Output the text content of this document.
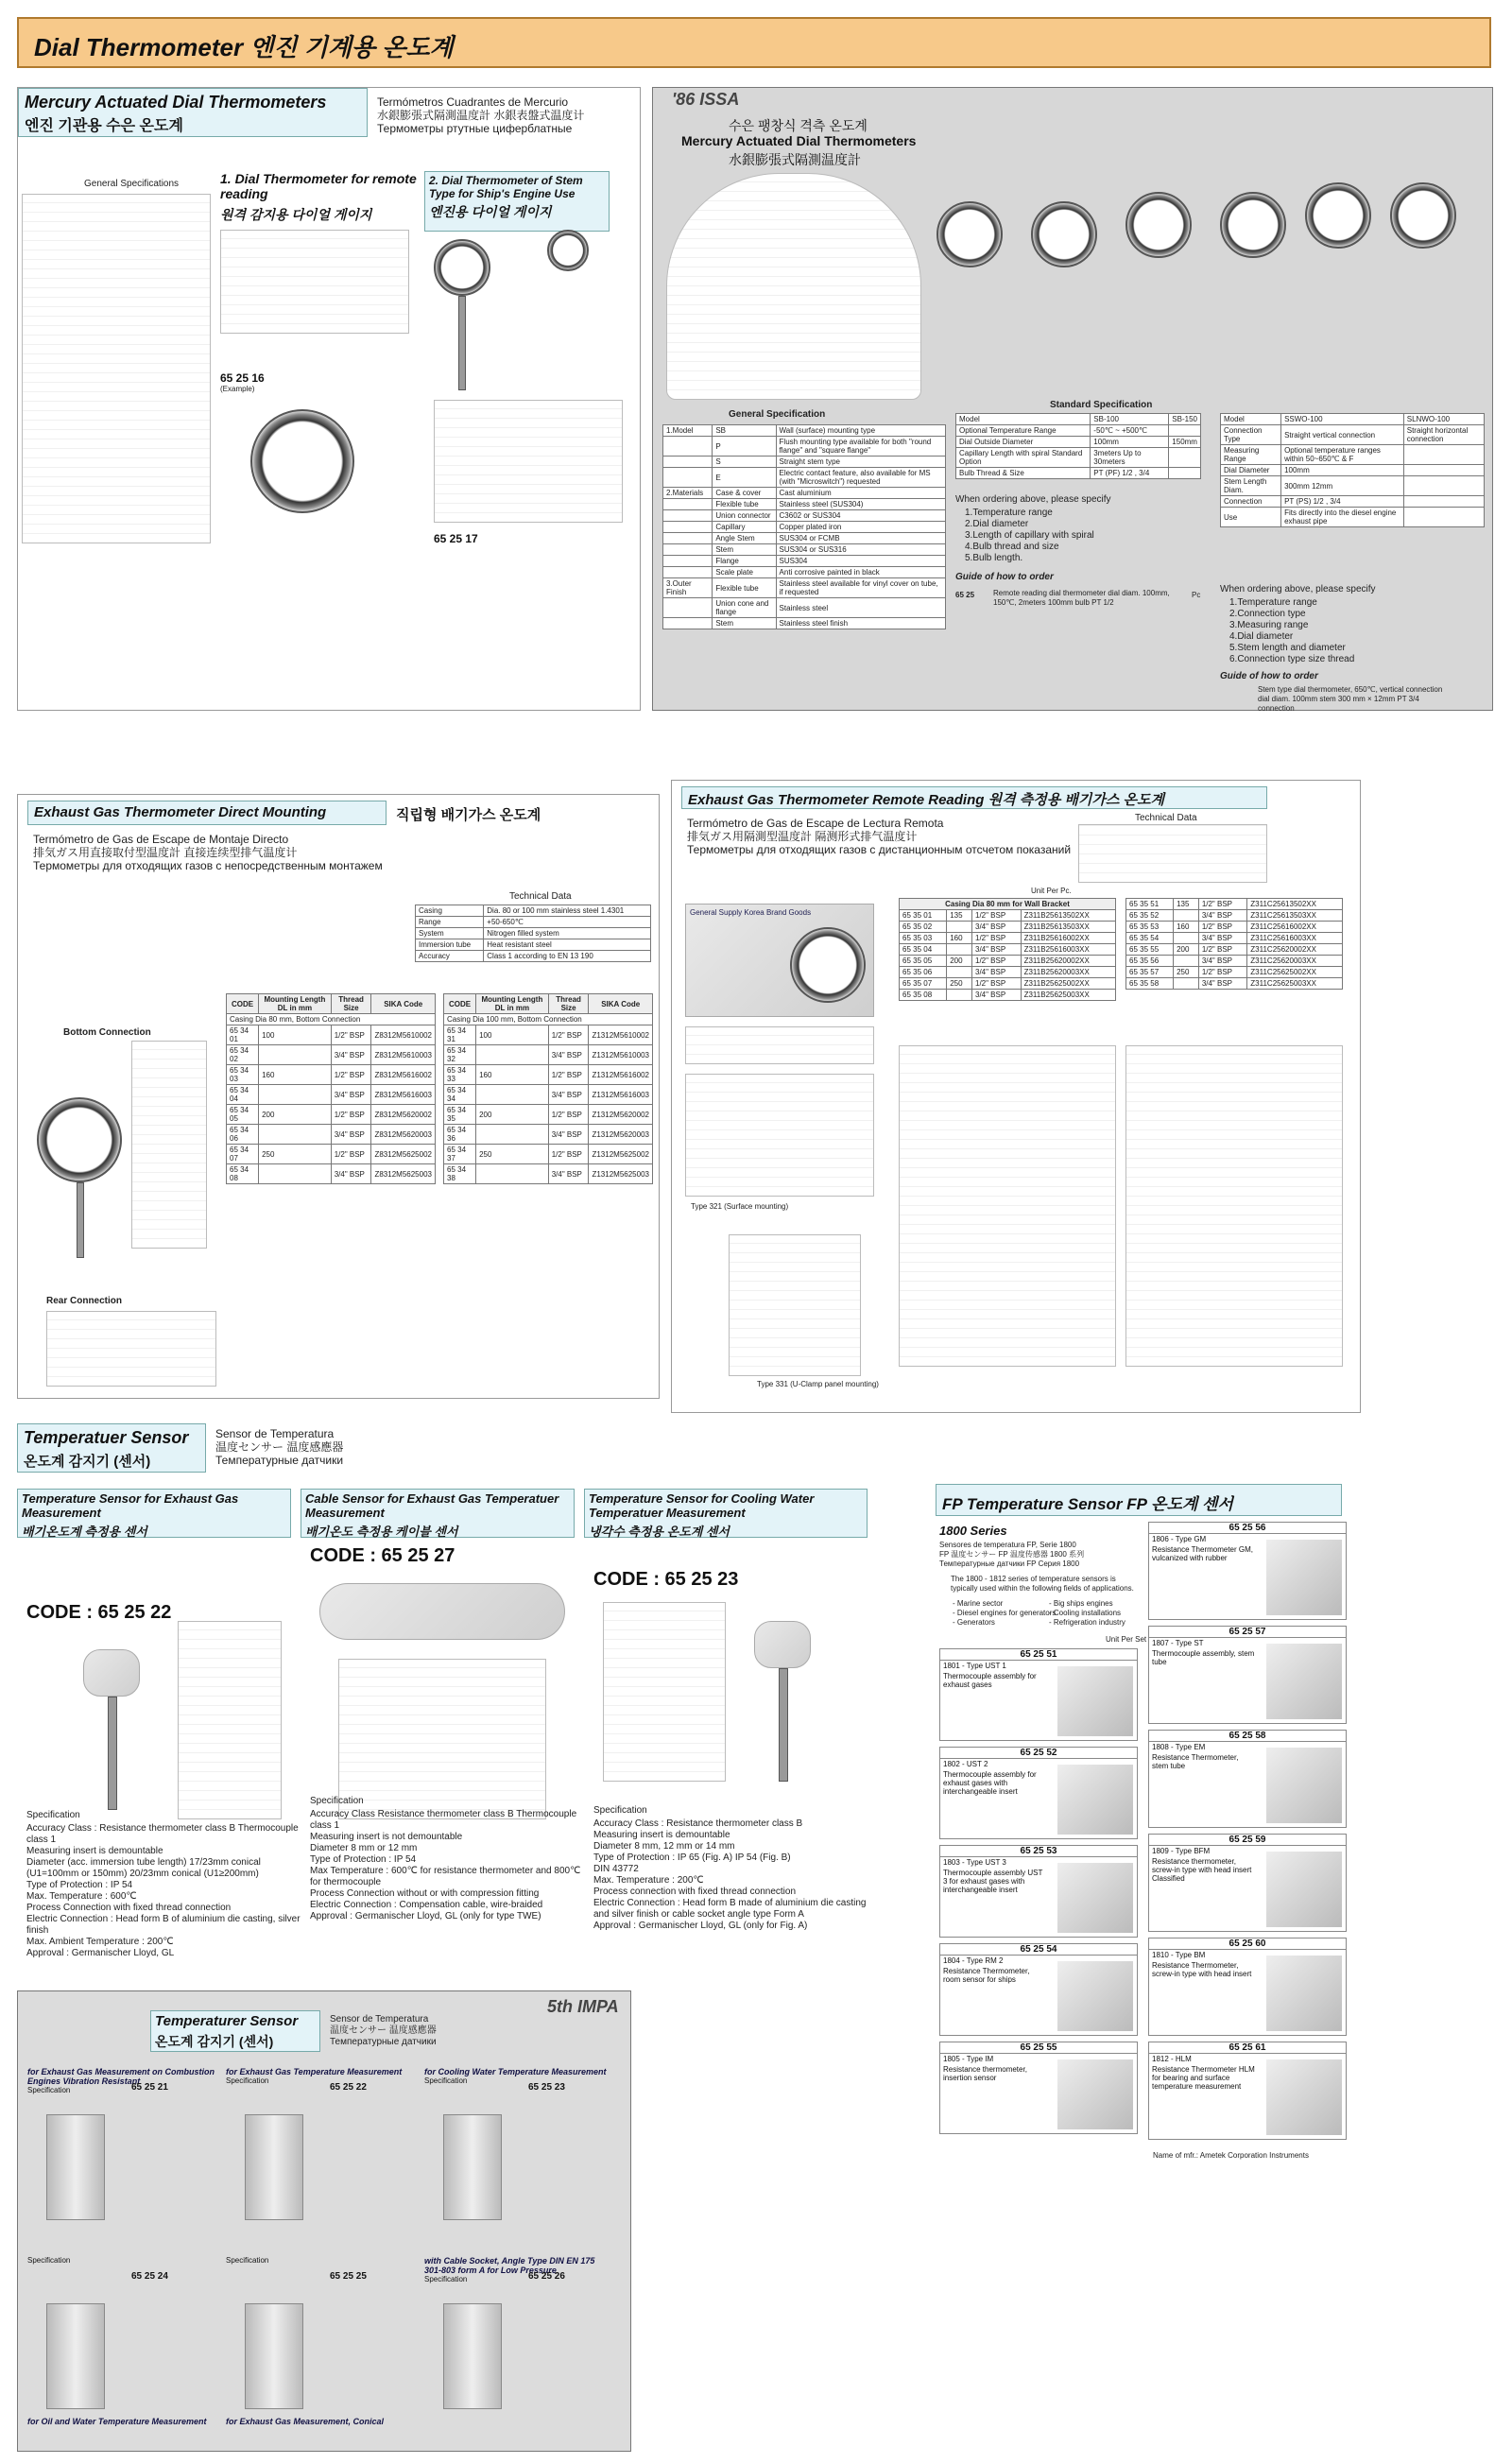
Dial Thermometer 엔진 기계용 온도계
Mercury Actuated Dial Thermometers
엔진 기관용 수은 온도계
Termómetros Cuadrantes de Mercurio
水銀膨張式隔測温度計 水銀表盤式温度计
Термометры ртутные циферблатные
General Specifications	1. Dial Thermometer for remote reading
원격 감지용 다이얼 게이지
65 25 16
(Example)
2. Dial Thermometer of Stem Type for Ship's Engine Use
엔진용 다이얼 게이지
65 25 17
'86 ISSA
수은 팽창식 격측 온도계
Mercury Actuated Dial Thermometers
水銀膨張式隔測温度計
General Specification
1.Model	SB	Wall (surface) mounting type
	P	Flush mounting type available for both "round flange" and "square flange"
	S	Straight stem type
	E	Electric contact feature, also available for MS (with "Microswitch") requested
2.Materials	Case & cover	Cast aluminium
	Flexible tube	Stainless steel (SUS304)
	Union connector	C3602 or SUS304
	Capillary	Copper plated iron
	Angle Stem	SUS304 or FCMB
	Stem	SUS304 or SUS316
	Flange	SUS304
	Scale plate	Anti corrosive painted in black
3.Outer Finish	Flexible tube	Stainless steel available for vinyl cover on tube, if requested
	Union cone and flange	Stainless steel
	Stem	Stainless steel finish
Standard Specification
Model	SB-100	SB-150
Optional Temperature Range	-50℃ ~ +500℃	
Dial Outside Diameter	100mm	150mm
Capillary Length with spiral Standard Option	3meters Up to 30meters	
Bulb Thread & Size	PT (PF) 1/2 , 3/4	
Model	SSWO-100	SLNWO-100
Connection Type	Straight vertical connection	Straight horizontal connection
Measuring Range	Optional temperature ranges within 50~650℃ & F	
Dial Diameter	100mm	
Stem Length Diam.	300mm 12mm	
Connection	PT (PS) 1/2 , 3/4	
Use	Fits directly into the diesel engine exhaust pipe	
When ordering above, please specify
1.Temperature range
2.Dial diameter
3.Length of capillary with spiral
4.Bulb thread and size
5.Bulb length.
Guide of how to order
65 25 Remote reading dial thermometer dial diam. 100mm, 150℃, 2meters 100mm bulb PT 1/2
Pc
When ordering above, please specify
1.Temperature range
2.Connection type
3.Measuring range
4.Dial diameter
5.Stem length and diameter
6.Connection type size thread
Guide of how to order
Stem type dial thermometer, 650℃, vertical connection dial diam. 100mm stem 300 mm × 12mm PT 3/4 connection
Exhaust Gas Thermometer Direct Mounting	직립형 배기가스 온도계
Termómetro de Gas de Escape de Montaje Directo
排気ガス用直接取付型温度計 直接连续型排气温度计
Термометры для отходящих газов с непосредственным монтажем
Technical Data
Casing	Dia. 80 or 100 mm stainless steel 1.4301
Range	+50-650℃
System	Nitrogen filled system
Immersion tube	Heat resistant steel
Accuracy	Class 1 according to EN 13 190
Bottom Connection
Rear Connection
CODE	Mounting Length DL in mm	Thread Size	SIKA Code
Casing Dia 80 mm, Bottom Connection			
65 34 01	100	1/2" BSP	Z8312M5610002
65 34 02		3/4" BSP	Z8312M5610003
65 34 03	160	1/2" BSP	Z8312M5616002
65 34 04		3/4" BSP	Z8312M5616003
65 34 05	200	1/2" BSP	Z8312M5620002
65 34 06		3/4" BSP	Z8312M5620003
65 34 07	250	1/2" BSP	Z8312M5625002
65 34 08		3/4" BSP	Z8312M5625003
CODE	Mounting Length DL in mm	Thread Size	SIKA Code
Casing Dia 100 mm, Bottom Connection			
65 34 31	100	1/2" BSP	Z1312M5610002
65 34 32		3/4" BSP	Z1312M5610003
65 34 33	160	1/2" BSP	Z1312M5616002
65 34 34		3/4" BSP	Z1312M5616003
65 34 35	200	1/2" BSP	Z1312M5620002
65 34 36		3/4" BSP	Z1312M5620003
65 34 37	250	1/2" BSP	Z1312M5625002
65 34 38		3/4" BSP	Z1312M5625003
Exhaust Gas Thermometer Remote Reading 원격 측정용 배기가스 온도계
Termómetro de Gas de Escape de Lectura Remota
排気ガス用隔測型温度計 隔测形式排气温度计
Термометры для отходящих газов с дистанционным отсчетом показаний
Technical Data
General Supply Korea Brand Goods
Type 321 (Surface mounting)
Type 331 (U-Clamp panel mounting)
Unit Per Pc.
Casing Dia 80 mm for Wall Bracket			
65 35 01	135	1/2" BSP	Z311B25613502XX
65 35 02		3/4" BSP	Z311B25613503XX
65 35 03	160	1/2" BSP	Z311B25616002XX
65 35 04		3/4" BSP	Z311B25616003XX
65 35 05	200	1/2" BSP	Z311B25620002XX
65 35 06		3/4" BSP	Z311B25620003XX
65 35 07	250	1/2" BSP	Z311B25625002XX
65 35 08		3/4" BSP	Z311B25625003XX
65 35 51	135	1/2" BSP	Z311C25613502XX
65 35 52		3/4" BSP	Z311C25613503XX
65 35 53	160	1/2" BSP	Z311C25616002XX
65 35 54		3/4" BSP	Z311C25616003XX
65 35 55	200	1/2" BSP	Z311C25620002XX
65 35 56		3/4" BSP	Z311C25620003XX
65 35 57	250	1/2" BSP	Z311C25625002XX
65 35 58		3/4" BSP	Z311C25625003XX
Temperatuer Sensor
온도계 감지기 (센서)
Sensor de Temperatura
温度センサー 温度感應器
Температурные датчики
Temperature Sensor for Exhaust Gas Measurement
배기온도계 측정용 센서
CODE : 65 25 22
Specification
Accuracy Class : Resistance thermometer class B Thermocouple class 1
Measuring insert is demountable
Diameter (acc. immersion tube length) 17/23mm conical (U1=100mm or 150mm) 20/23mm conical (U1≥200mm)
Type of Protection : IP 54
Max. Temperature : 600℃
Process Connection with fixed thread connection
Electric Connection : Head form B of aluminium die casting, silver finish
Max. Ambient Temperature : 200℃
Approval : Germanischer Lloyd, GL
Cable Sensor for Exhaust Gas Temperatuer Measurement
배기온도 측정용 케이블 센서
CODE : 65 25 27
Specification
Accuracy Class Resistance thermometer class B Thermocouple class 1
Measuring insert is not demountable
Diameter 8 mm or 12 mm
Type of Protection : IP 54
Max Temperature : 600℃ for resistance thermometer and 800℃ for thermocouple
Process Connection without or with compression fitting
Electric Connection : Compensation cable, wire-braided
Approval : Germanischer Lloyd, GL (only for type TWE)
Temperature Sensor for Cooling Water Temperatuer Measurement
냉각수 측정용 온도계 센서
CODE : 65 25 23
Specification
Accuracy Class : Resistance thermometer class B
Measuring insert is demountable
Diameter 8 mm, 12 mm or 14 mm
Type of Protection : IP 65 (Fig. A) IP 54 (Fig. B)
DIN 43772
Max. Temperature : 200℃
Process connection with fixed thread connection
Electric Connection : Head form B made of aluminium die casting and silver finish or cable socket angle type Form A
Approval : Germanischer Lloyd, GL (only for Fig. A)
FP Temperature Sensor FP 온도계 센서
1800 Series
Sensores de temperatura FP, Serie 1800
FP 温度センサー FP 温度传感器 1800 系列
Температурные датчики FP Серия 1800
The 1800 - 1812 series of temperature sensors is typically used within the following fields of applications.
- Marine sector
- Diesel engines for generators
- Generators
- Big ships engines
- Cooling installations
- Refrigeration industry
Unit Per Set
65 25 51
1801 - Type UST 1
Thermocouple assembly for exhaust gases
65 25 52
1802 - UST 2
Thermocouple assembly for exhaust gases with interchangeable insert
65 25 53
1803 - Type UST 3
Thermocouple assembly UST 3 for exhaust gases with interchangeable insert
65 25 54
1804 - Type RM 2
Resistance Thermometer, room sensor for ships
65 25 55
1805 - Type IM
Resistance thermometer, insertion sensor
65 25 56
1806 - Type GM
Resistance Thermometer GM, vulcanized with rubber
65 25 57
1807 - Type ST
Thermocouple assembly, stem tube
65 25 58
1808 - Type EM
Resistance Thermometer, stem tube
65 25 59
1809 - Type BFM
Resistance thermometer, screw-in type with head insert Classified
65 25 60
1810 - Type BM
Resistance Thermometer, screw-in type with head insert
65 25 61
1812 - HLM
Resistance Thermometer HLM for bearing and surface temperature measurement
Name of mfr.: Ametek Corporation Instruments
5th IMPA
Temperaturer Sensor
온도계 감지기 (센서)
Sensor de Temperatura
温度センサー 温度感應器
Температурные датчики
for Exhaust Gas Measurement on Combustion Engines Vibration Resistant
Specification	65 25 21
for Exhaust Gas Temperature Measurement
Specification
65 25 22
for Cooling Water Temperature Measurement
Specification
65 25 23
Specification
65 25 24
Specification
65 25 25
with Cable Socket, Angle Type DIN EN 175 301-803 form A for Low Pressure
Specification	65 25 26
for Oil and Water Temperature Measurement	for Exhaust Gas Measurement, Conical
